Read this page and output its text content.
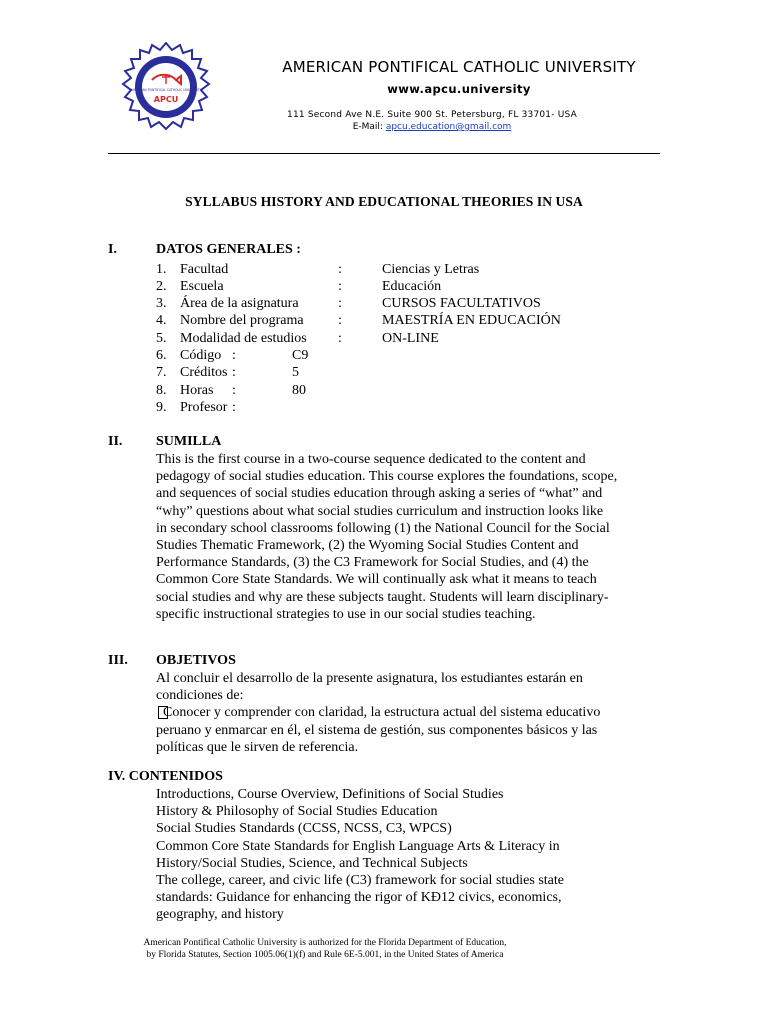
AMERICAN PONTIFICAL CATHOLIC UNIVERSITY
APCU
AMERICAN PONTIFICAL CATHOLIC UNIVERSITY
www.apcu.university
111 Second Ave N.E. Suite 900 St. Petersburg, FL 33701- USA
E-Mail: apcu.education@gmail.com
SYLLABUS HISTORY AND EDUCATIONAL THEORIES IN USA
I.	DATOS GENERALES :
1. Facultad	:	Ciencias y Letras
2. Escuela	:	Educación
3. Área de la asignatura	:	CURSOS FACULTATIVOS
4. Nombre del programa :	MAESTRÍA EN EDUCACIÓN
5. Modalidad de estudios :	ON-LINE
6. Código :	C9
7. Créditos :	5
8. Horas :	80
9. Profesor :
II. SUMILLA
This is the first course in a two-course sequence dedicated to the content and
pedagogy of social studies education. This course explores the foundations, scope,
and sequences of social studies education through asking a series of “what” and
“why” questions about what social studies curriculum and instruction looks like
in secondary school classrooms following (1) the National Council for the Social
Studies Thematic Framework, (2) the Wyoming Social Studies Content and
Performance Standards, (3) the C3 Framework for Social Studies, and (4) the
Common Core State Standards. We will continually ask what it means to teach
social studies and why are these subjects taught. Students will learn disciplinary-
specific instructional strategies to use in our social studies teaching.
III. OBJETIVOS
Al concluir el desarrollo de la presente asignatura, los estudiantes estarán en
condiciones de:
Conocer y comprender con claridad, la estructura actual del sistema educativo
peruano y enmarcar en él, el sistema de gestión, sus componentes básicos y las
políticas que le sirven de referencia.
IV. CONTENIDOS
Introductions, Course Overview, Definitions of Social Studies
History & Philosophy of Social Studies Education
Social Studies Standards (CCSS, NCSS, C3, WPCS)
Common Core State Standards for English Language Arts & Literacy in
History/Social Studies, Science, and Technical Subjects
The college, career, and civic life (C3) framework for social studies state
standards: Guidance for enhancing the rigor of KÐ12 civics, economics,
geography, and history
American Pontifical Catholic University is authorized for the Florida Department of Education,
by Florida Statutes, Section 1005.06(1)(f) and Rule 6E-5.001, in the United States of America
